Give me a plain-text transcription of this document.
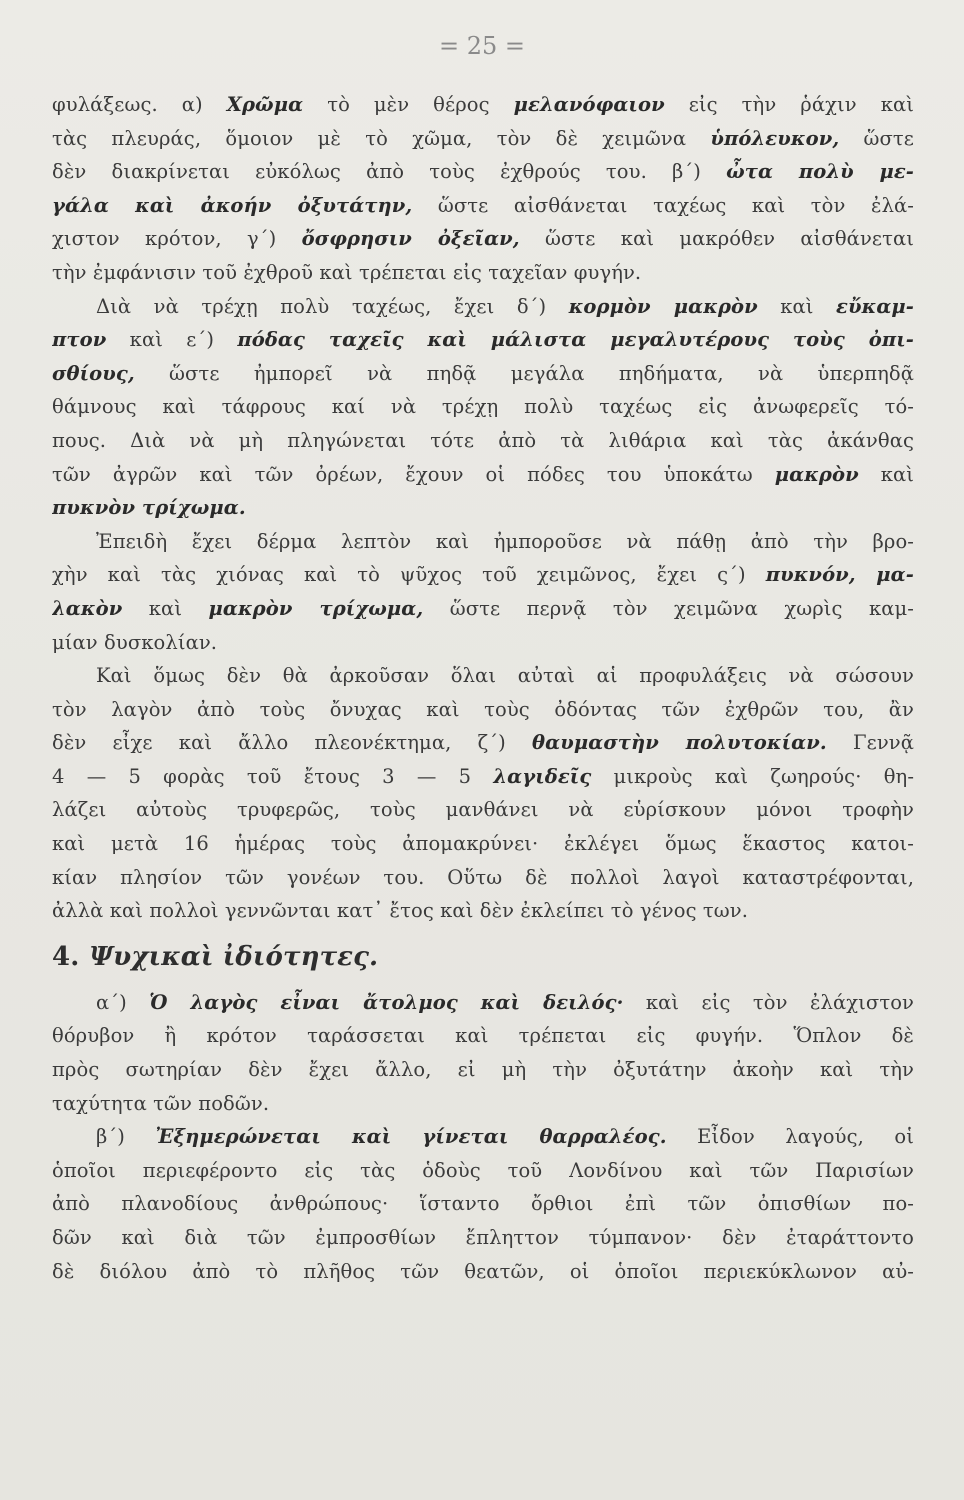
= 25 =
φυλάξεως. α) Χρῶμα τὸ μὲν θέρος μελανόφαιον εἰς τὴν ῥάχιν καὶ
τὰς πλευράς, ὅμοιον μὲ τὸ χῶμα, τὸν δὲ χειμῶνα ὑπόλευκον, ὥστε
δὲν διακρίνεται εὐκόλως ἀπὸ τοὺς ἐχθρούς του. β΄) ὦτα πολὺ με-
γάλα καὶ ἀκοήν ὀξυτάτην, ὥστε αἰσθάνεται ταχέως καὶ τὸν ἐλά-
χιστον κρότον, γ΄) ὄσφρησιν ὀξεῖαν, ὥστε καὶ μακρόθεν αἰσθάνεται
τὴν ἐμφάνισιν τοῦ ἐχθροῦ καὶ τρέπεται εἰς ταχεῖαν φυγήν.
Διὰ νὰ τρέχῃ πολὺ ταχέως, ἔχει δ΄) κορμὸν μακρὸν καὶ εὔκαμ-
πτον καὶ ε΄) πόδας ταχεῖς καὶ μάλιστα μεγαλυτέρους τοὺς ὀπι-
σθίους, ὥστε ἠμπορεῖ νὰ πηδᾷ μεγάλα πηδήματα, νὰ ὑπερπηδᾷ
θάμνους καὶ τάφρους καί νὰ τρέχῃ πολὺ ταχέως εἰς ἀνωφερεῖς τό-
πους. Διὰ νὰ μὴ πληγώνεται τότε ἀπὸ τὰ λιθάρια καὶ τὰς ἀκάνθας
τῶν ἀγρῶν καὶ τῶν ὀρέων, ἔχουν οἱ πόδες του ὑποκάτω μακρὸν καὶ
πυκνὸν τρίχωμα.
Ἐπειδὴ ἔχει δέρμα λεπτὸν καὶ ἠμποροῦσε νὰ πάθῃ ἀπὸ τὴν βρο-
χὴν καὶ τὰς χιόνας καὶ τὸ ψῦχος τοῦ χειμῶνος, ἔχει ς΄) πυκνόν, μα-
λακὸν καὶ μακρὸν τρίχωμα, ὥστε περνᾷ τὸν χειμῶνα χωρὶς καμ-
μίαν δυσκολίαν.
Καὶ ὅμως δὲν θὰ ἀρκοῦσαν ὅλαι αὐταὶ αἱ προφυλάξεις νὰ σώσουν
τὸν λαγὸν ἀπὸ τοὺς ὄνυχας καὶ τοὺς ὀδόντας τῶν ἐχθρῶν του, ἂν
δὲν εἶχε καὶ ἄλλο πλεονέκτημα, ζ΄) θαυμαστὴν πολυτοκίαν. Γεννᾷ
4 — 5 φορὰς τοῦ ἔτους 3 — 5 λαγιδεῖς μικροὺς καὶ ζωηρούς· θη-
λάζει αὐτοὺς τρυφερῶς, τοὺς μανθάνει νὰ εὑρίσκουν μόνοι τροφὴν
καὶ μετὰ 16 ἡμέρας τοὺς ἀπομακρύνει· ἐκλέγει ὅμως ἕκαστος κατοι-
κίαν πλησίον τῶν γονέων του. Οὕτω δὲ πολλοὶ λαγοὶ καταστρέφονται,
ἀλλὰ καὶ πολλοὶ γεννῶνται κατ᾿ ἔτος καὶ δὲν ἐκλείπει τὸ γένος των.
4. Ψυχικαὶ ἰδιότητες.
α΄) Ὁ λαγὸς εἶναι ἄτολμος καὶ δειλός· καὶ εἰς τὸν ἐλάχιστον
θόρυβον ἢ κρότον ταράσσεται καὶ τρέπεται εἰς φυγήν. Ὅπλον δὲ
πρὸς σωτηρίαν δὲν ἔχει ἄλλο, εἰ μὴ τὴν ὀξυτάτην ἀκοὴν καὶ τὴν
ταχύτητα τῶν ποδῶν.
β΄) Ἐξημερώνεται καὶ γίνεται θαρραλέος. Εἶδον λαγούς, οἱ
ὁποῖοι περιεφέροντο εἰς τὰς ὁδοὺς τοῦ Λονδίνου καὶ τῶν Παρισίων
ἀπὸ πλανοδίους ἀνθρώπους· ἵσταντο ὄρθιοι ἐπὶ τῶν ὀπισθίων πο-
δῶν καὶ διὰ τῶν ἐμπροσθίων ἔπληττον τύμπανον· δὲν ἐταράττοντο
δὲ διόλου ἀπὸ τὸ πλῆθος τῶν θεατῶν, οἱ ὁποῖοι περιεκύκλωνον αὐ-
